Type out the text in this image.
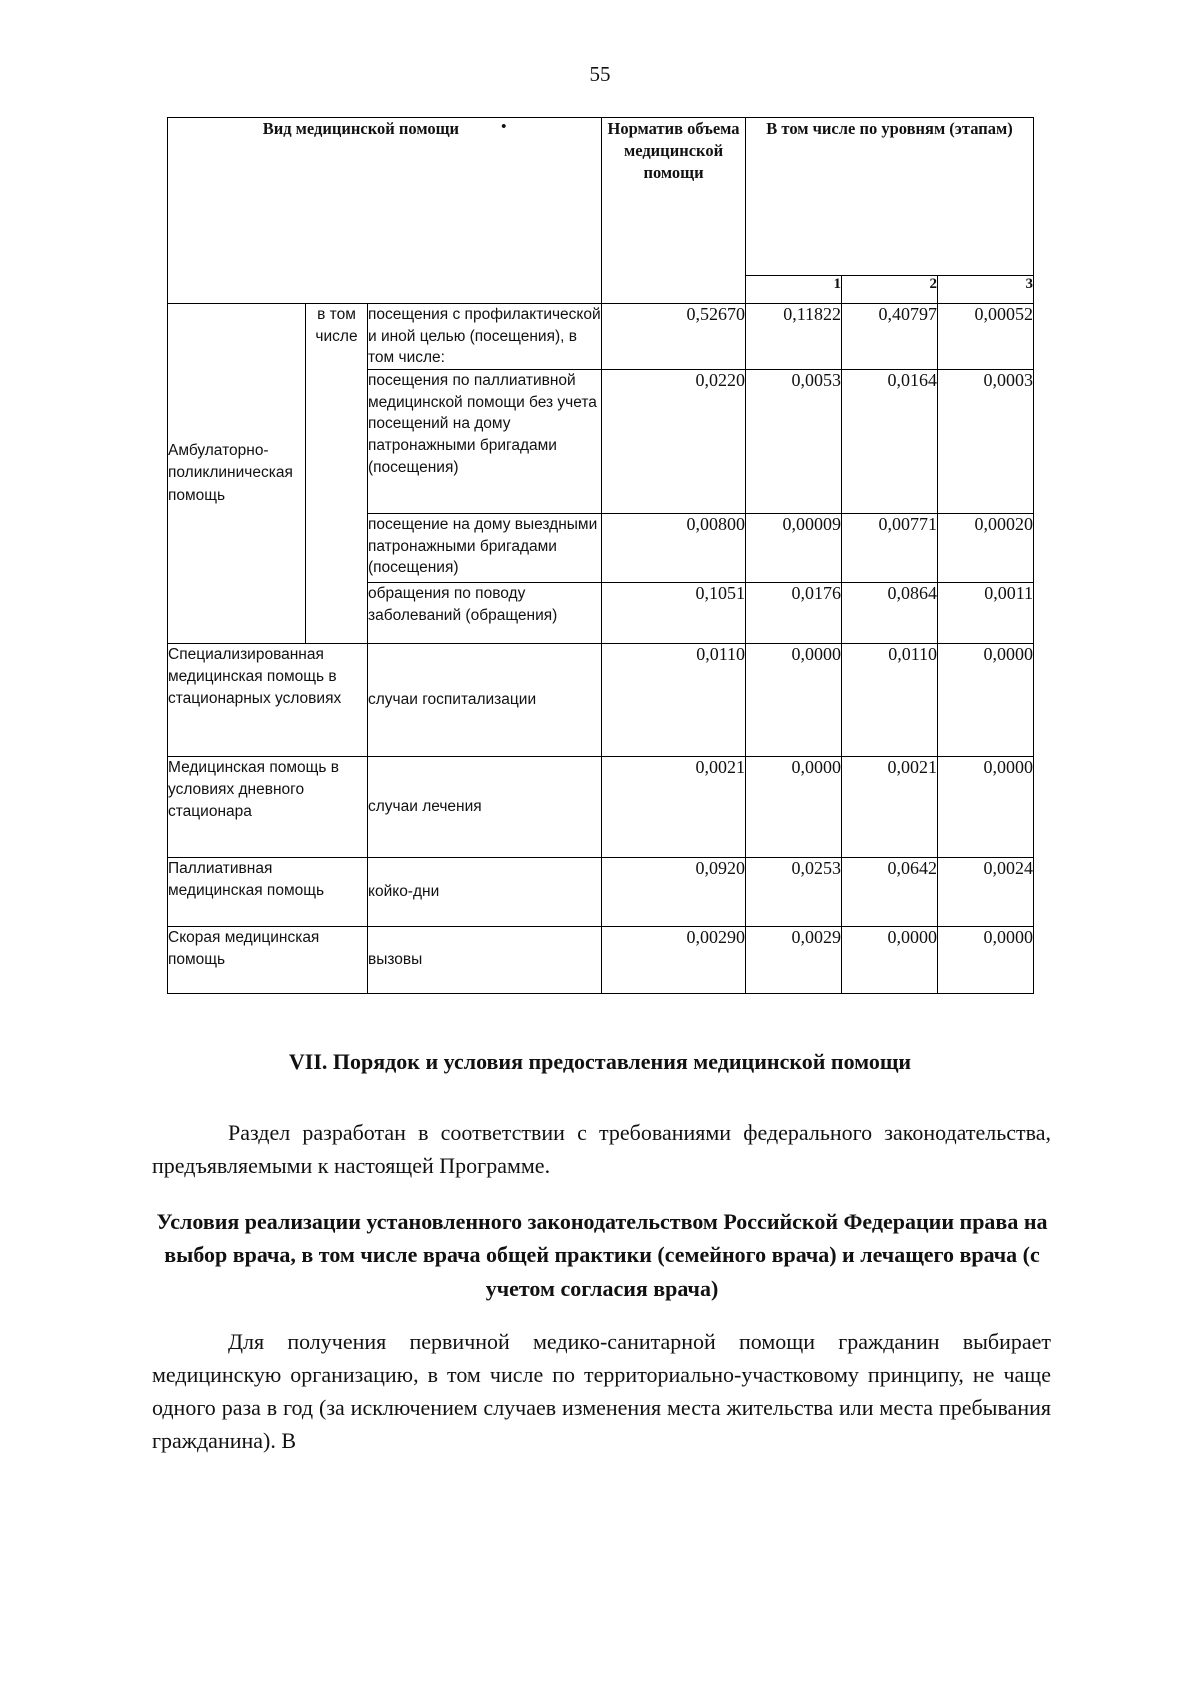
55
Вид медицинской помощи •			Норматив объема медицинской помощи	В том числе по уровням (этапам)		
				1	2	3
Амбулаторно-поликлиническая помощь	в том числе	посещения с профилактической и иной целью (посещения), в том числе:	0,52670	0,11822	0,40797	0,00052
		посещения по паллиативной медицинской помощи без учета посещений на дому патронажными бригадами (посещения)	0,0220	0,0053	0,0164	0,0003
		посещение на дому выездными патронажными бригадами (посещения)	0,00800	0,00009	0,00771	0,00020
		обращения по поводу заболеваний (обращения)	0,1051	0,0176	0,0864	0,0011
Специализированная медицинская помощь в стационарных условиях		случаи госпитализации	0,0110	0,0000	0,0110	0,0000
Медицинская помощь в условиях дневного стационара		случаи лечения	0,0021	0,0000	0,0021	0,0000
Паллиативная медицинская помощь		койко-дни	0,0920	0,0253	0,0642	0,0024
Скорая медицинская помощь		вызовы	0,00290	0,0029	0,0000	0,0000
VII. Порядок и условия предоставления медицинской помощи
Раздел разработан в соответствии с требованиями федерального законодательства, предъявляемыми к настоящей Программе.
Условия реализации установленного законодательством Российской Федерации права на выбор врача, в том числе врача общей практики (семейного врача) и лечащего врача (с учетом согласия врача)
Для получения первичной медико-санитарной помощи гражданин выбирает медицинскую организацию, в том числе по территориально-участковому принципу, не чаще одного раза в год (за исключением случаев изменения места жительства или места пребывания гражданина). В
